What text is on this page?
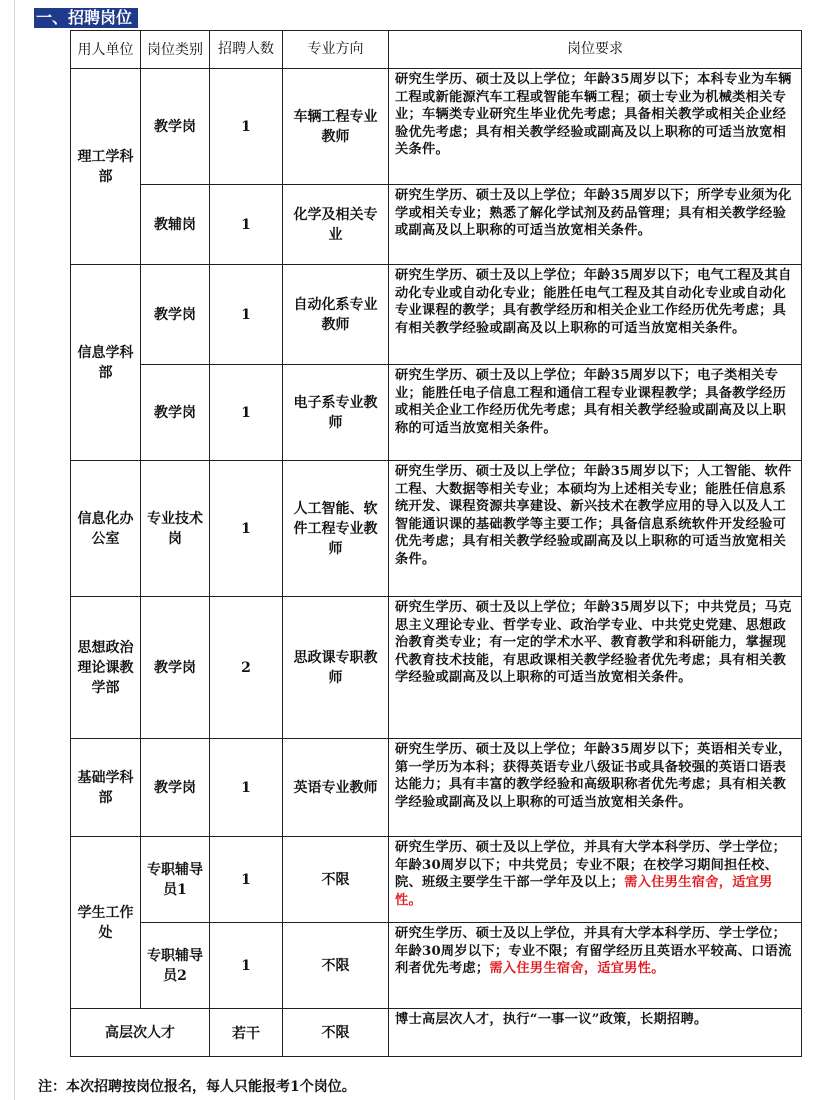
一、招聘岗位
用人单位	岗位类别	招聘人数	专业方向	岗位要求
理工学科部	教学岗	1	车辆工程专业教师	研究生学历、硕士及以上学位；年龄35周岁以下；本科专业为车辆工程或新能源汽车工程或智能车辆工程；硕士专业为机械类相关专业；车辆类专业研究生毕业优先考虑；具备相关教学或相关企业经验优先考虑；具有相关教学经验或副高及以上职称的可适当放宽相关条件。
	教辅岗	1	化学及相关专业	研究生学历、硕士及以上学位；年龄35周岁以下；所学专业须为化学或相关专业；熟悉了解化学试剂及药品管理；具有相关教学经验或副高及以上职称的可适当放宽相关条件。
信息学科部	教学岗	1	自动化系专业教师	研究生学历、硕士及以上学位；年龄35周岁以下；电气工程及其自动化专业或自动化专业；能胜任电气工程及其自动化专业或自动化专业课程的教学；具有教学经历和相关企业工作经历优先考虑；具有相关教学经验或副高及以上职称的可适当放宽相关条件。
	教学岗	1	电子系专业教师	研究生学历、硕士及以上学位；年龄35周岁以下；电子类相关专业；能胜任电子信息工程和通信工程专业课程教学；具备教学经历或相关企业工作经历优先考虑；具有相关教学经验或副高及以上职称的可适当放宽相关条件。
信息化办公室	专业技术岗	1	人工智能、软件工程专业教师	研究生学历、硕士及以上学位；年龄35周岁以下；人工智能、软件工程、大数据等相关专业；本硕均为上述相关专业；能胜任信息系统开发、课程资源共享建设、新兴技术在教学应用的导入以及人工智能通识课的基础教学等主要工作；具备信息系统软件开发经验可优先考虑；具有相关教学经验或副高及以上职称的可适当放宽相关条件。
思想政治理论课教学部	教学岗	2	思政课专职教师	研究生学历、硕士及以上学位；年龄35周岁以下；中共党员；马克思主义理论专业、哲学专业、政治学专业、中共党史党建、思想政治教育类专业；有一定的学术水平、教育教学和科研能力，掌握现代教育技术技能，有思政课相关教学经验者优先考虑；具有相关教学经验或副高及以上职称的可适当放宽相关条件。
基础学科部	教学岗	1	英语专业教师	研究生学历、硕士及以上学位；年龄35周岁以下；英语相关专业，第一学历为本科；获得英语专业八级证书或具备较强的英语口语表达能力；具有丰富的教学经验和高级职称者优先考虑；具有相关教学经验或副高及以上职称的可适当放宽相关条件。
学生工作处	专职辅导员1	1	不限	研究生学历、硕士及以上学位，并具有大学本科学历、学士学位；年龄30周岁以下；中共党员；专业不限；在校学习期间担任校、院、班级主要学生干部一学年及以上；需入住男生宿舍，适宜男性。
	专职辅导员2	1	不限	研究生学历、硕士及以上学位，并具有大学本科学历、学士学位；年龄30周岁以下；专业不限；有留学经历且英语水平较高、口语流利者优先考虑；需入住男生宿舍，适宜男性。
高层次人才		若干	不限	博士高层次人才，执行“一事一议”政策，长期招聘。
注：本次招聘按岗位报名，每人只能报考1个岗位。
